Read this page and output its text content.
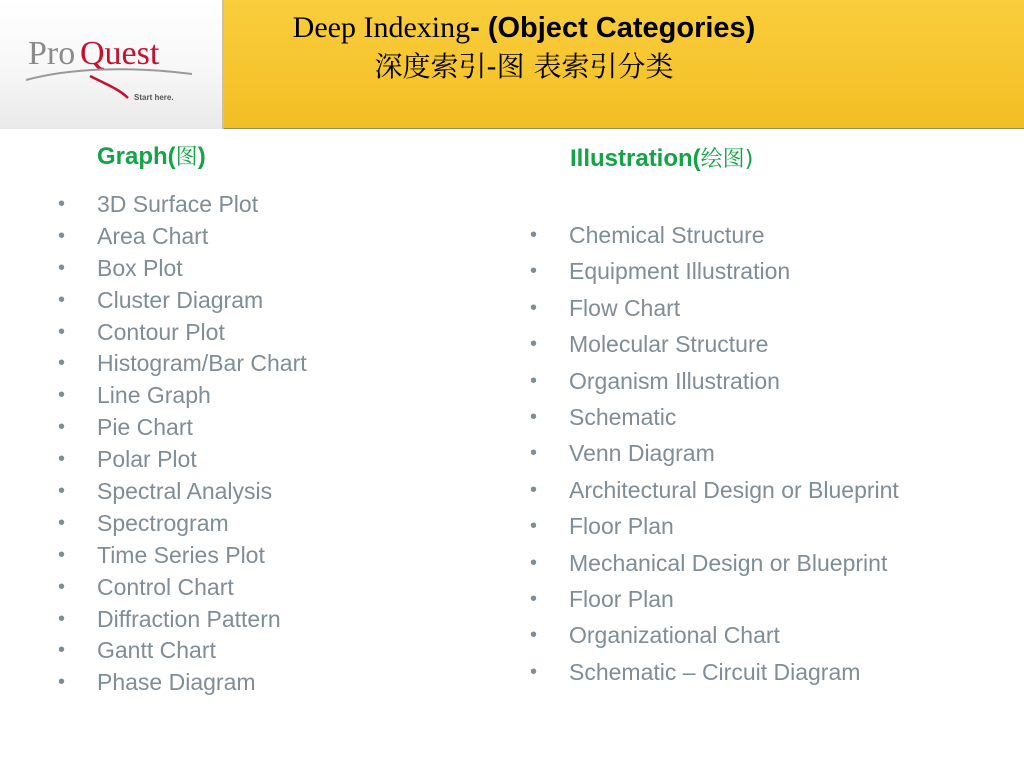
Pro Quest
Start here.
Deep Indexing- (Object Categories)
深度索引-图 表索引分类
Graph(图)
• 3D Surface Plot
• Area Chart
• Box Plot
• Cluster Diagram
• Contour Plot
• Histogram/Bar Chart
• Line Graph
• Pie Chart
• Polar Plot
• Spectral Analysis
• Spectrogram
• Time Series Plot
• Control Chart
• Diffraction Pattern
• Gantt Chart
• Phase Diagram
Illustration(绘图)
• Chemical Structure
• Equipment Illustration
• Flow Chart
• Molecular Structure
• Organism Illustration
• Schematic
• Venn Diagram
• Architectural Design or Blueprint
• Floor Plan
• Mechanical Design or Blueprint
• Floor Plan
• Organizational Chart
• Schematic – Circuit Diagram
